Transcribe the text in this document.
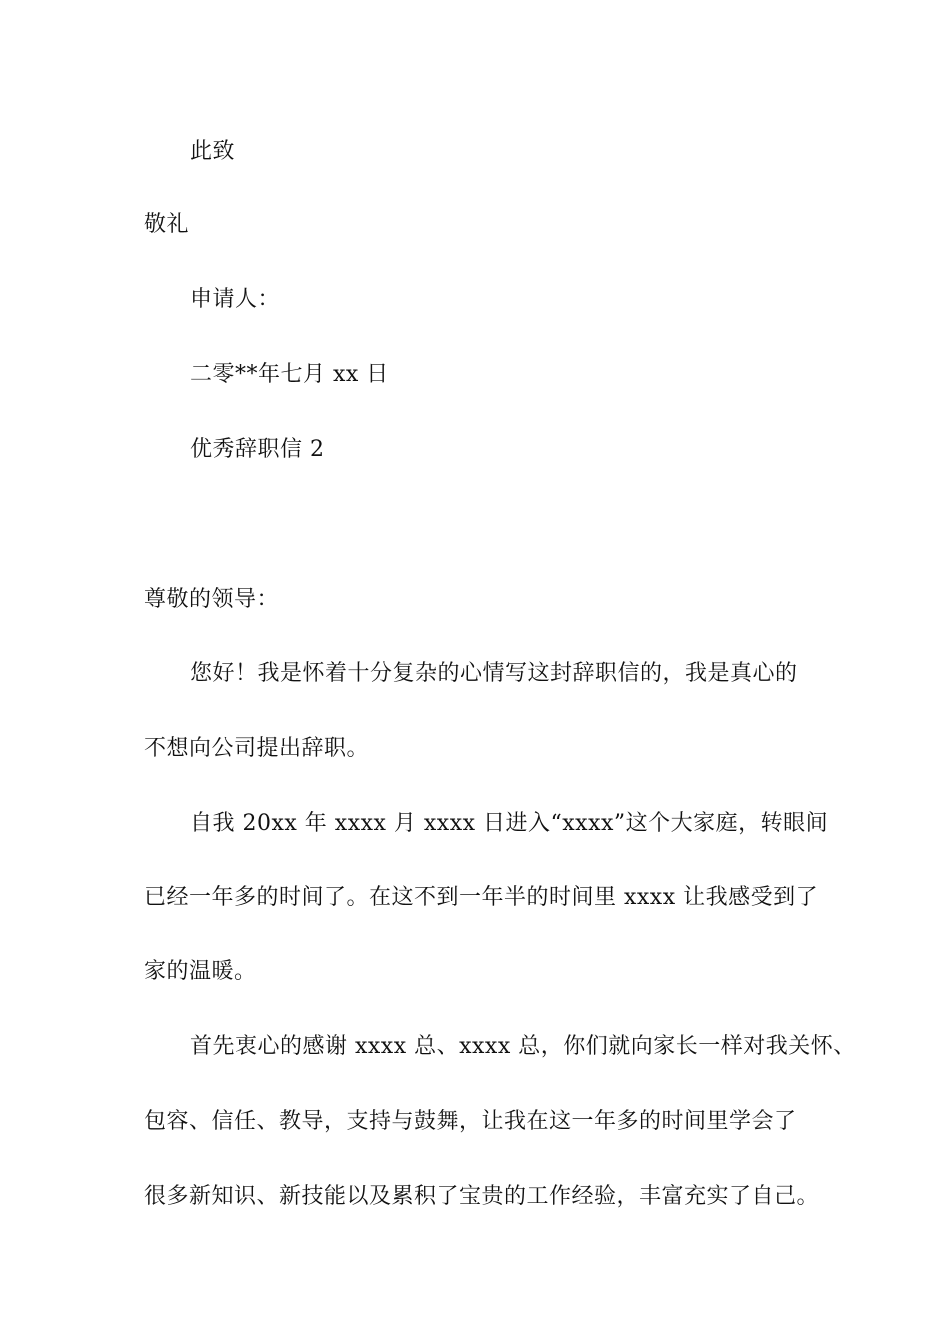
此致
敬礼
申请人：
二零**年七月 xx 日
优秀辞职信 2
尊敬的领导：
您好！我是怀着十分复杂的心情写这封辞职信的，我是真心的
不想向公司提出辞职。
自我 20xx 年 xxxx 月 xxxx 日进入“xxxx”这个大家庭，转眼间
已经一年多的时间了。在这不到一年半的时间里 xxxx 让我感受到了
家的温暖。
首先衷心的感谢 xxxx 总、xxxx 总，你们就向家长一样对我关怀、
包容、信任、教导，支持与鼓舞，让我在这一年多的时间里学会了
很多新知识、新技能以及累积了宝贵的工作经验，丰富充实了自己。
